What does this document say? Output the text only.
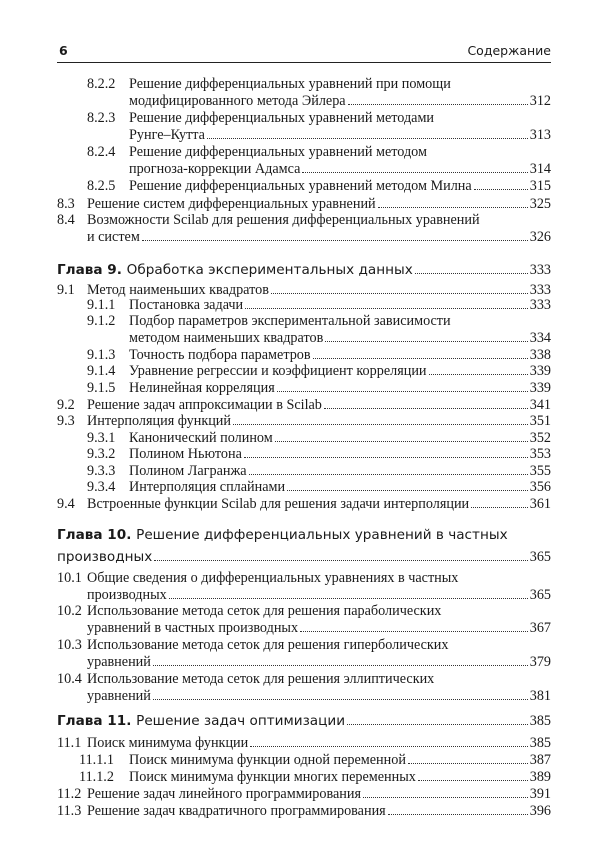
6	Содержание
8.2.2 Решение дифференциальных уравнений при помощи
модифицированного метода Эйлера	312
8.2.3 Решение дифференциальных уравнений методами
Рунге–Кутта	313
8.2.4 Решение дифференциальных уравнений методом
прогноза-коррекции Адамса	314
8.2.5 Решение дифференциальных уравнений методом Милна	315
8.3 Решение систем дифференциальных уравнений	325
8.4 Возможности Scilab для решения дифференциальных уравнений
и систем	326
Глава 9. Обработка экспериментальных данных	333
9.1 Метод наименьших квадратов	333
9.1.1 Постановка задачи	333
9.1.2 Подбор параметров экспериментальной зависимости
методом наименьших квадратов	334
9.1.3 Точность подбора параметров	338
9.1.4 Уравнение регрессии и коэффициент корреляции	339
9.1.5 Нелинейная корреляция	339
9.2 Решение задач аппроксимации в Scilab	341
9.3 Интерполяция функций	351
9.3.1 Канонический полином	352
9.3.2 Полином Ньютона	353
9.3.3 Полином Лагранжа	355
9.3.4 Интерполяция сплайнами	356
9.4 Встроенные функции Scilab для решения задачи интерполяции	361
Глава 10. Решение дифференциальных уравнений в частных
производных	365
10.1 Общие сведения о дифференциальных уравнениях в частных
производных	365
10.2 Использование метода сеток для решения параболических
уравнений в частных производных	367
10.3 Использование метода сеток для решения гиперболических
уравнений	379
10.4 Использование метода сеток для решения эллиптических
уравнений	381
Глава 11. Решение задач оптимизации	385
11.1 Поиск минимума функции	385
11.1.1 Поиск минимума функции одной переменной	387
11.1.2 Поиск минимума функции многих переменных	389
11.2 Решение задач линейного программирования	391
11.3 Решение задач квадратичного программирования	396
